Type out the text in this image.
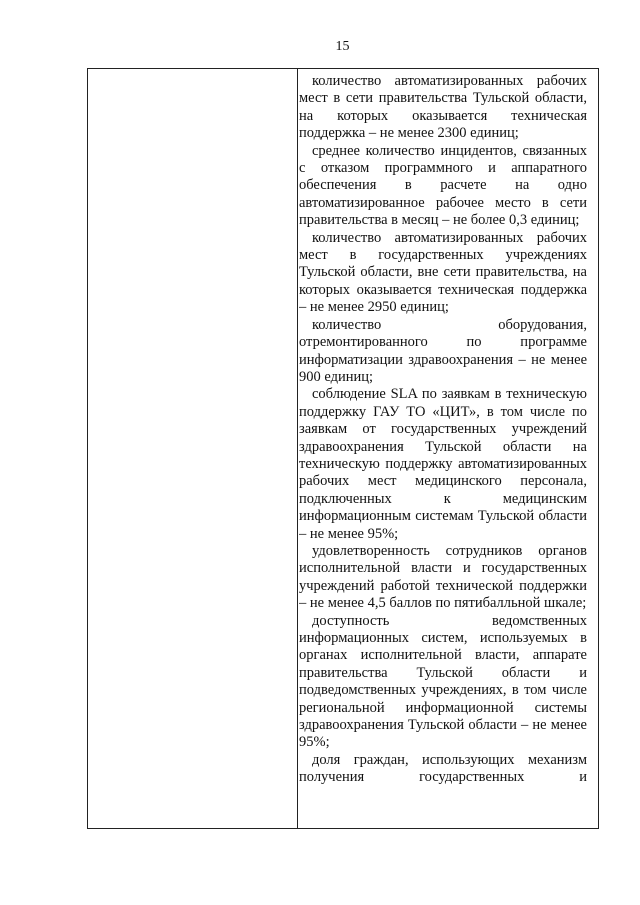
15

количество автоматизированных рабочих мест в сети правительства Тульской области, на которых оказывается техническая поддержка – не менее 2300 единиц;

среднее количество инцидентов, связанных с отказом программного и аппаратного обеспечения в расчете на одно автоматизированное рабочее место в сети правительства в месяц – не более 0,3 единиц;

количество автоматизированных рабочих мест в государственных учреждениях Тульской области, вне сети правительства, на которых оказывается техническая поддержка – не менее 2950 единиц;

количество оборудования, отремонтированного по программе информатизации здравоохранения – не менее 900 единиц;

соблюдение SLA по заявкам в техническую поддержку ГАУ ТО «ЦИТ», в том числе по заявкам от государственных учреждений здравоохранения Тульской области на техническую поддержку автоматизированных рабочих мест медицинского персонала, подключенных к медицинским информационным системам Тульской области – не менее 95%;

удовлетворенность сотрудников органов исполнительной власти и государственных учреждений работой технической поддержки – не менее 4,5 баллов по пятибалльной шкале;

доступность ведомственных информационных систем, используемых в органах исполнительной власти, аппарате правительства Тульской области и подведомственных учреждениях, в том числе региональной информационной системы здравоохранения Тульской области – не менее 95%;

доля граждан, использующих механизм получения государственных и
